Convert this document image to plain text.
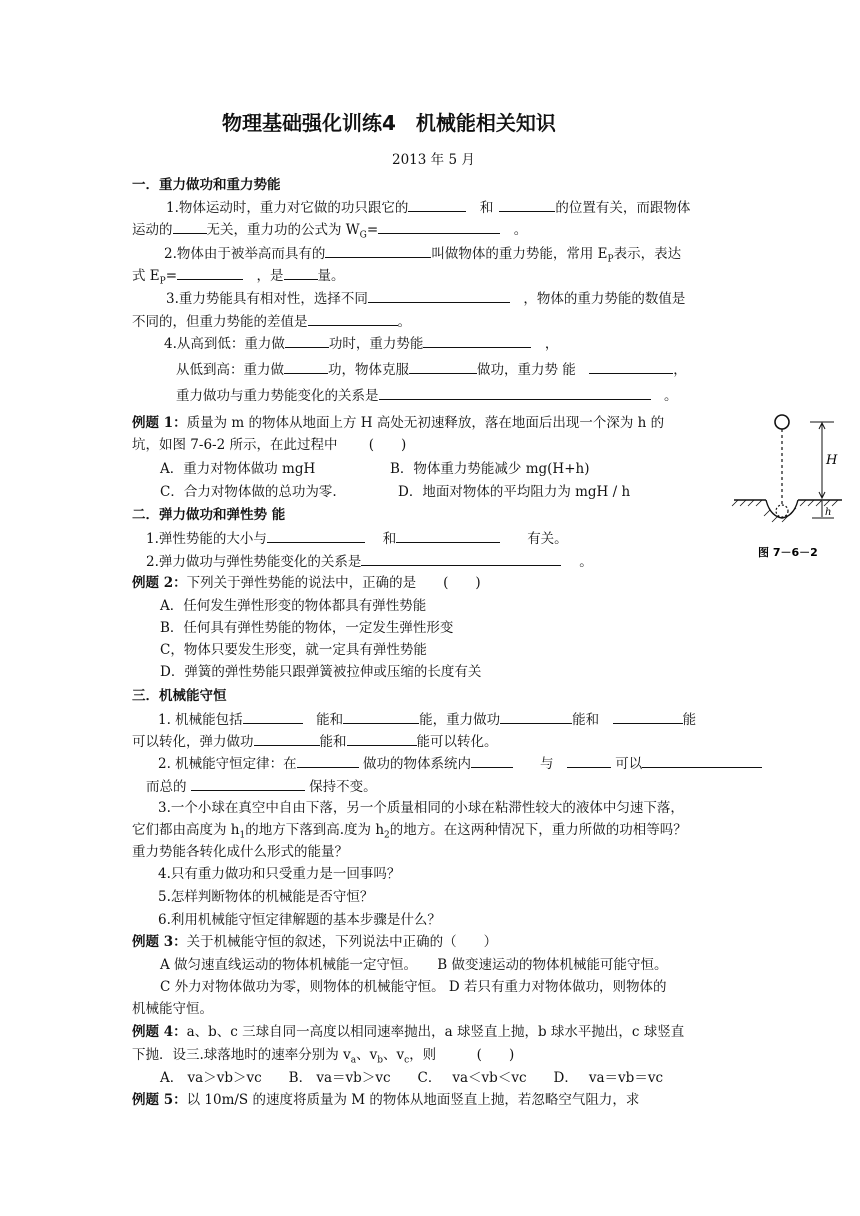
物理基础强化训练4　机械能相关知识
2013 年 5 月
一．重力做功和重力势能
1.物体运动时，重力对它做的功只跟它的　	和	的位置有关，而跟物体
运动的	无关，重力功的公式为 $W_G=$　	。
2.物体由于被举高而具有的	叫做物体的重力势能，常用 $E_P$表示，表达
式 $E_P=$　	，是	量。
3.重力势能具有相对性，选择不同　	，物体的重力势能的数值是
不同的，但重力势能的差值是	。
4.从高到低：重力做	功时，重力势能　	，
从低到高：重力做	功，物体克服	做功，重力势 能　	，
重力做功与重力势能变化的关系是　	。
例题 1：质量为 m 的物体从地面上方 H 高处无初速释放，落在地面后出现一个深为 h 的
坑，如图 7-6-2 所示，在此过程中　　 (　　)
A．重力对物体做功 mgH	B．物体重力势能减少 mg(H+h)
C．合力对物体做的总功为零.	D．地面对物体的平均阻力为 mgH / h
H
h
图 7－6－2
二．弹力做功和弹性势 能
1.弹性势能的大小与　	和　　	有关。
2.弹力做功与弹性势能变化的关系是　	。
例题 2：下列关于弹性势能的说法中，正确的是　　(　　)
A．任何发生弹性形变的物体都具有弹性势能
B．任何具有弹性势能的物体，一定发生弹性形变
C，物体只要发生形变，就一定具有弹性势能
D．弹簧的弹性势能只跟弹簧被拉伸或压缩的长度有关
三．机械能守恒
1. 机械能包括　	能和	能，重力做功	能和　	能
可以转化，弹力做功	能和	能可以转化。
2. 机械能守恒定律：在	做功的物体系统内　　	与　	可以
而总的	保持不变。
3.一个小球在真空中自由下落，另一个质量相同的小球在粘滞性较大的液体中匀速下落，
它们都由高度为 $h_1$的地方下落到高.度为 $h_2$的地方。在这两种情况下，重力所做的功相等吗？
重力势能各转化成什么形式的能量？
4.只有重力做功和只受重力是一回事吗？
5.怎样判断物体的机械能是否守恒？
6.利用机械能守恒定律解题的基本步骤是什么？
例题 3：关于机械能守恒的叙述，下列说法中正确的（　　）
A 做匀速直线运动的物体机械能一定守恒。　　B 做变速运动的物体机械能可能守恒。
C 外力对物体做功为零，则物体的机械能守恒。 D 若只有重力对物体做功，则物体的
机械能守恒。
例题 4：a、b、c 三球自同一高度以相同速率抛出，a 球竖直上抛，b 球水平抛出，c 球竖直
下抛．设三.球落地时的速率分别为 $v_a$、$v_b$、$v_c$，则　　　(　　)
A． va＞vb＞vc　　B． va＝vb＞vc　　C．　 va＜vb＜vc　　D．　 va＝vb＝vc
例题 5：以 10m/S 的速度将质量为 M 的物体从地面竖直上抛，若忽略空气阻力，求
